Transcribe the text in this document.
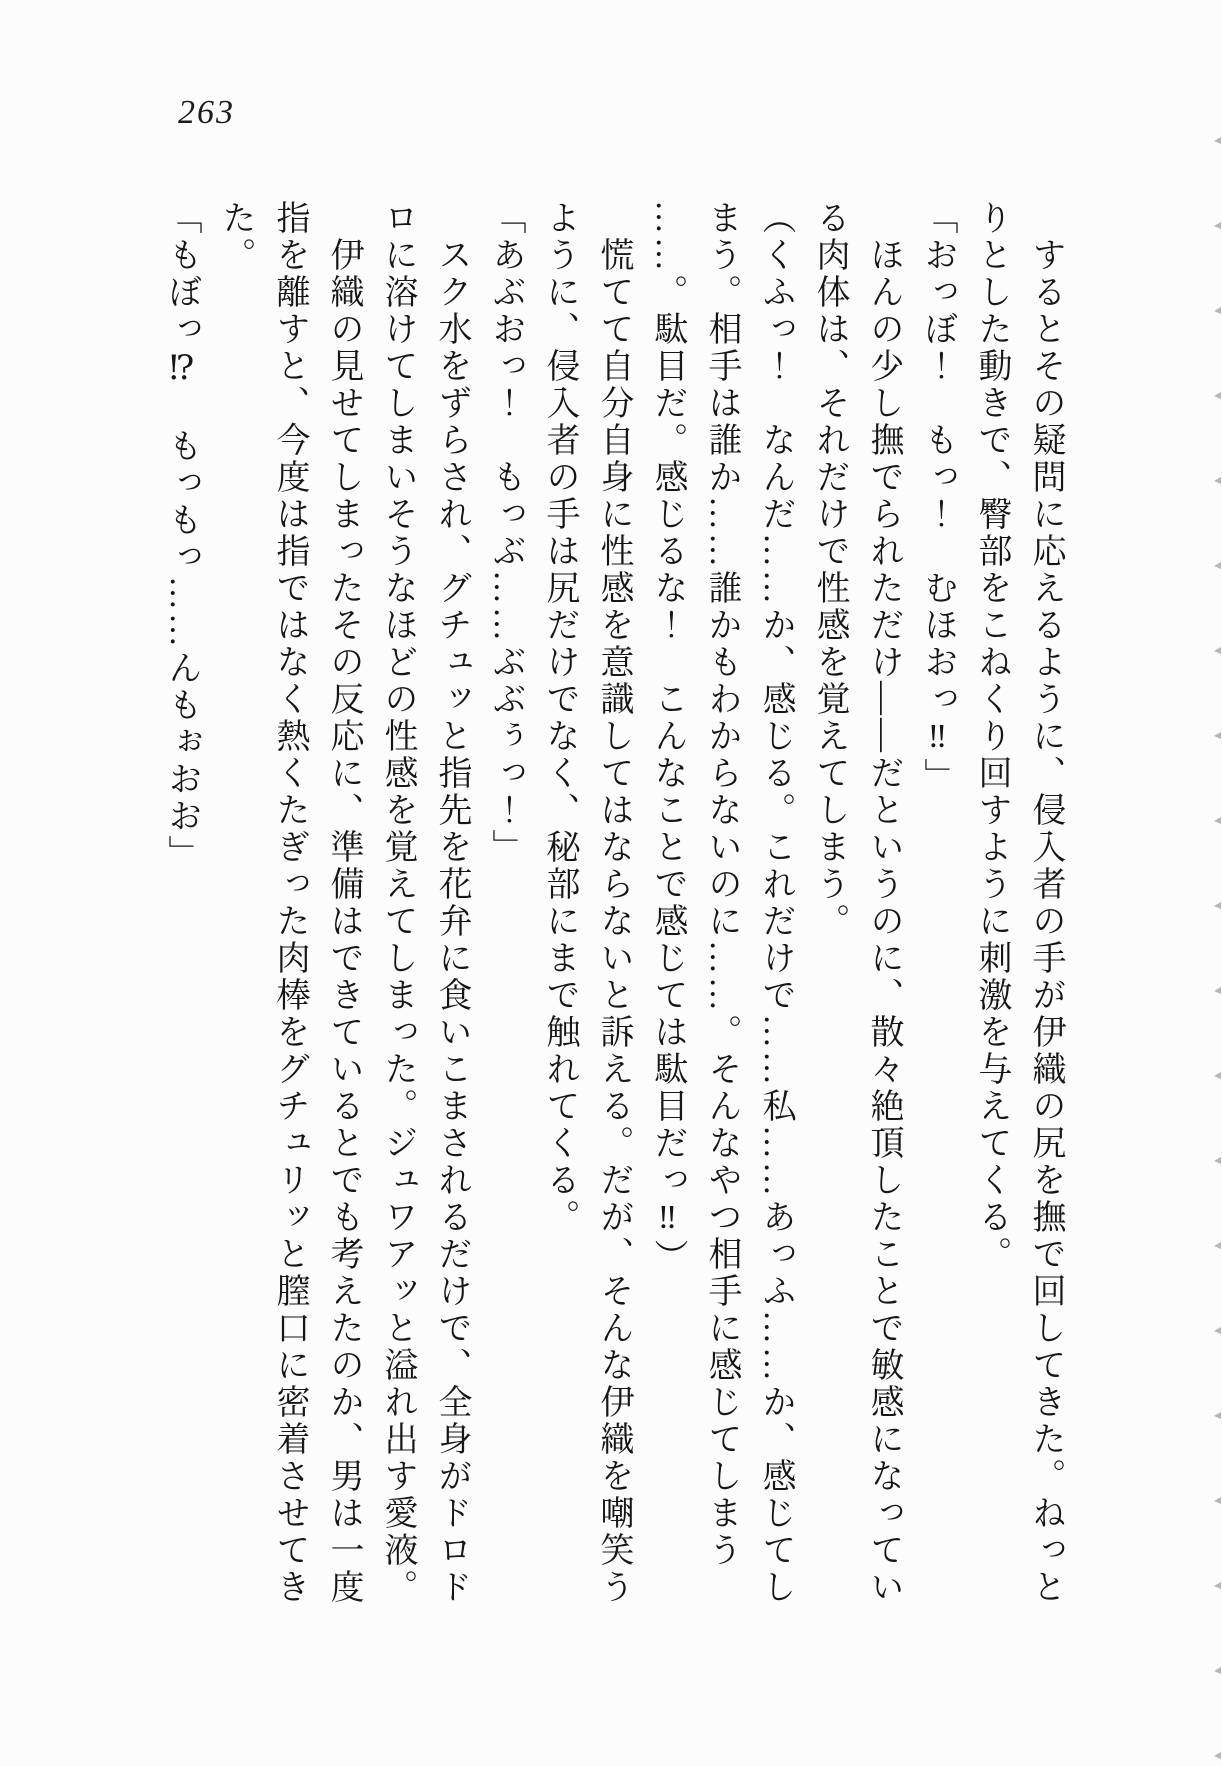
263
　するとその疑問に応えるように、侵入者の手が伊織の尻を撫で回してきた。ねっと
りとした動きで、臀部をこねくり回すように刺激を与えてくる。
「おっぼ！　もっ！　むほおっ‼」
　ほんの少し撫でられただけ――だというのに、散々絶頂したことで敏感になってい
る肉体は、それだけで性感を覚えてしまう。
（くふっ！　なんだ……か、感じる。これだけで……私……あっふ……か、感じてし
まう。相手は誰か……誰かもわからないのに……。そんなやつ相手に感じてしまう
……。駄目だ。感じるな！　こんなことで感じては駄目だっ‼）
　慌てて自分自身に性感を意識してはならないと訴える。だが、そんな伊織を嘲笑う
ように、侵入者の手は尻だけでなく、秘部にまで触れてくる。
「あぶおっ！　もっぶ……ぶぶぅっ！」
　スク水をずらされ、グチュッと指先を花弁に食いこまされるだけで、全身がドロド
ロに溶けてしまいそうなほどの性感を覚えてしまった。ジュワアッと溢れ出す愛液。
　伊織の見せてしまったその反応に、準備はできているとでも考えたのか、男は一度
指を離すと、今度は指ではなく熱くたぎった肉棒をグチュリッと膣口に密着させてき
た。
「もぼっ⁉　もっもっ……んもぉおお」
